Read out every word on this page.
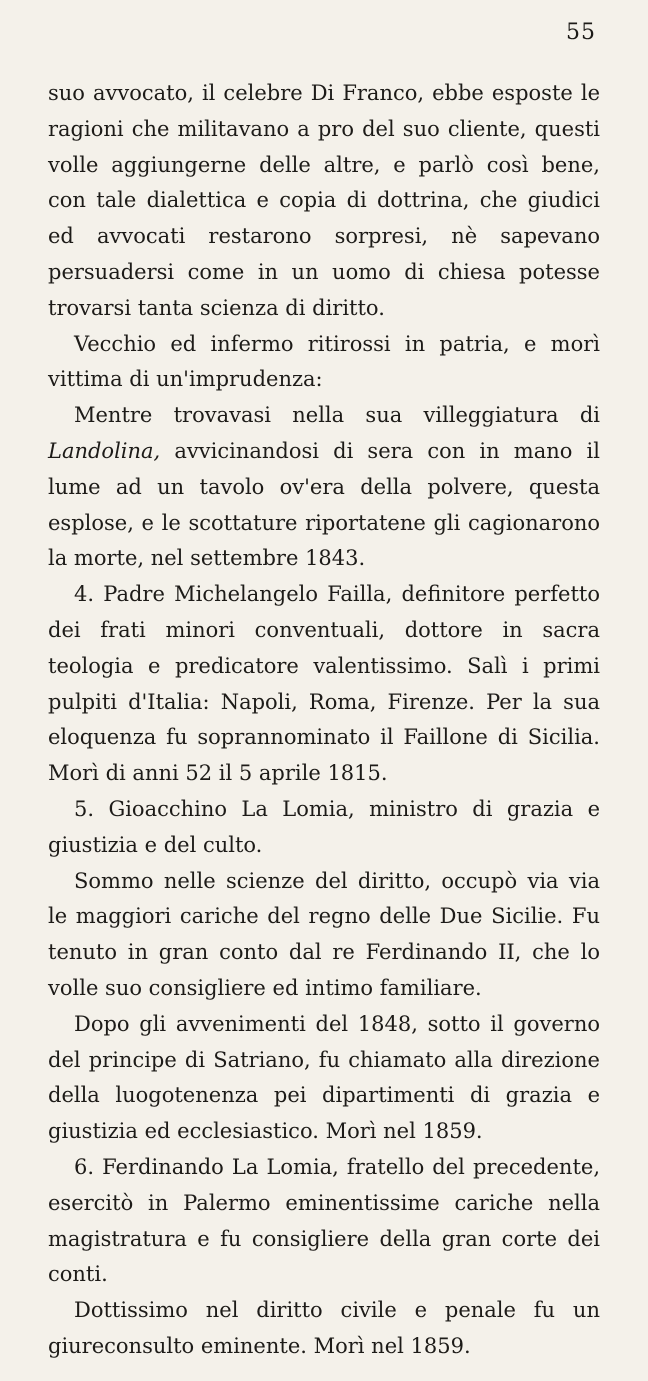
55

suo avvocato, il celebre Di Franco, ebbe esposte le ragioni che militavano a pro del suo cliente, questi volle aggiungerne delle altre, e parlò così bene, con tale dialettica e copia di dottrina, che giudici ed avvocati restarono sorpresi, nè sapevano persuadersi come in un uomo di chiesa potesse trovarsi tanta scienza di diritto.

Vecchio ed infermo ritirossi in patria, e morì vittima di un'imprudenza:

Mentre trovavasi nella sua villeggiatura di Landolina, avvicinandosi di sera con in mano il lume ad un tavolo ov'era della polvere, questa esplose, e le scottature riportatene gli cagionarono la morte, nel settembre 1843.

4. Padre Michelangelo Failla, definitore perfetto dei frati minori conventuali, dottore in sacra teologia e predicatore valentissimo. Salì i primi pulpiti d'Italia: Napoli, Roma, Firenze. Per la sua eloquenza fu soprannominato il Faillone di Sicilia. Morì di anni 52 il 5 aprile 1815.

5. Gioacchino La Lomia, ministro di grazia e giustizia e del culto.

Sommo nelle scienze del diritto, occupò via via le maggiori cariche del regno delle Due Sicilie. Fu tenuto in gran conto dal re Ferdinando II, che lo volle suo consigliere ed intimo familiare.

Dopo gli avvenimenti del 1848, sotto il governo del principe di Satriano, fu chiamato alla direzione della luogotenenza pei dipartimenti di grazia e giustizia ed ecclesiastico. Morì nel 1859.

6. Ferdinando La Lomia, fratello del precedente, esercitò in Palermo eminentissime cariche nella magistratura e fu consigliere della gran corte dei conti.

Dottissimo nel diritto civile e penale fu un giureconsulto eminente. Morì nel 1859.
